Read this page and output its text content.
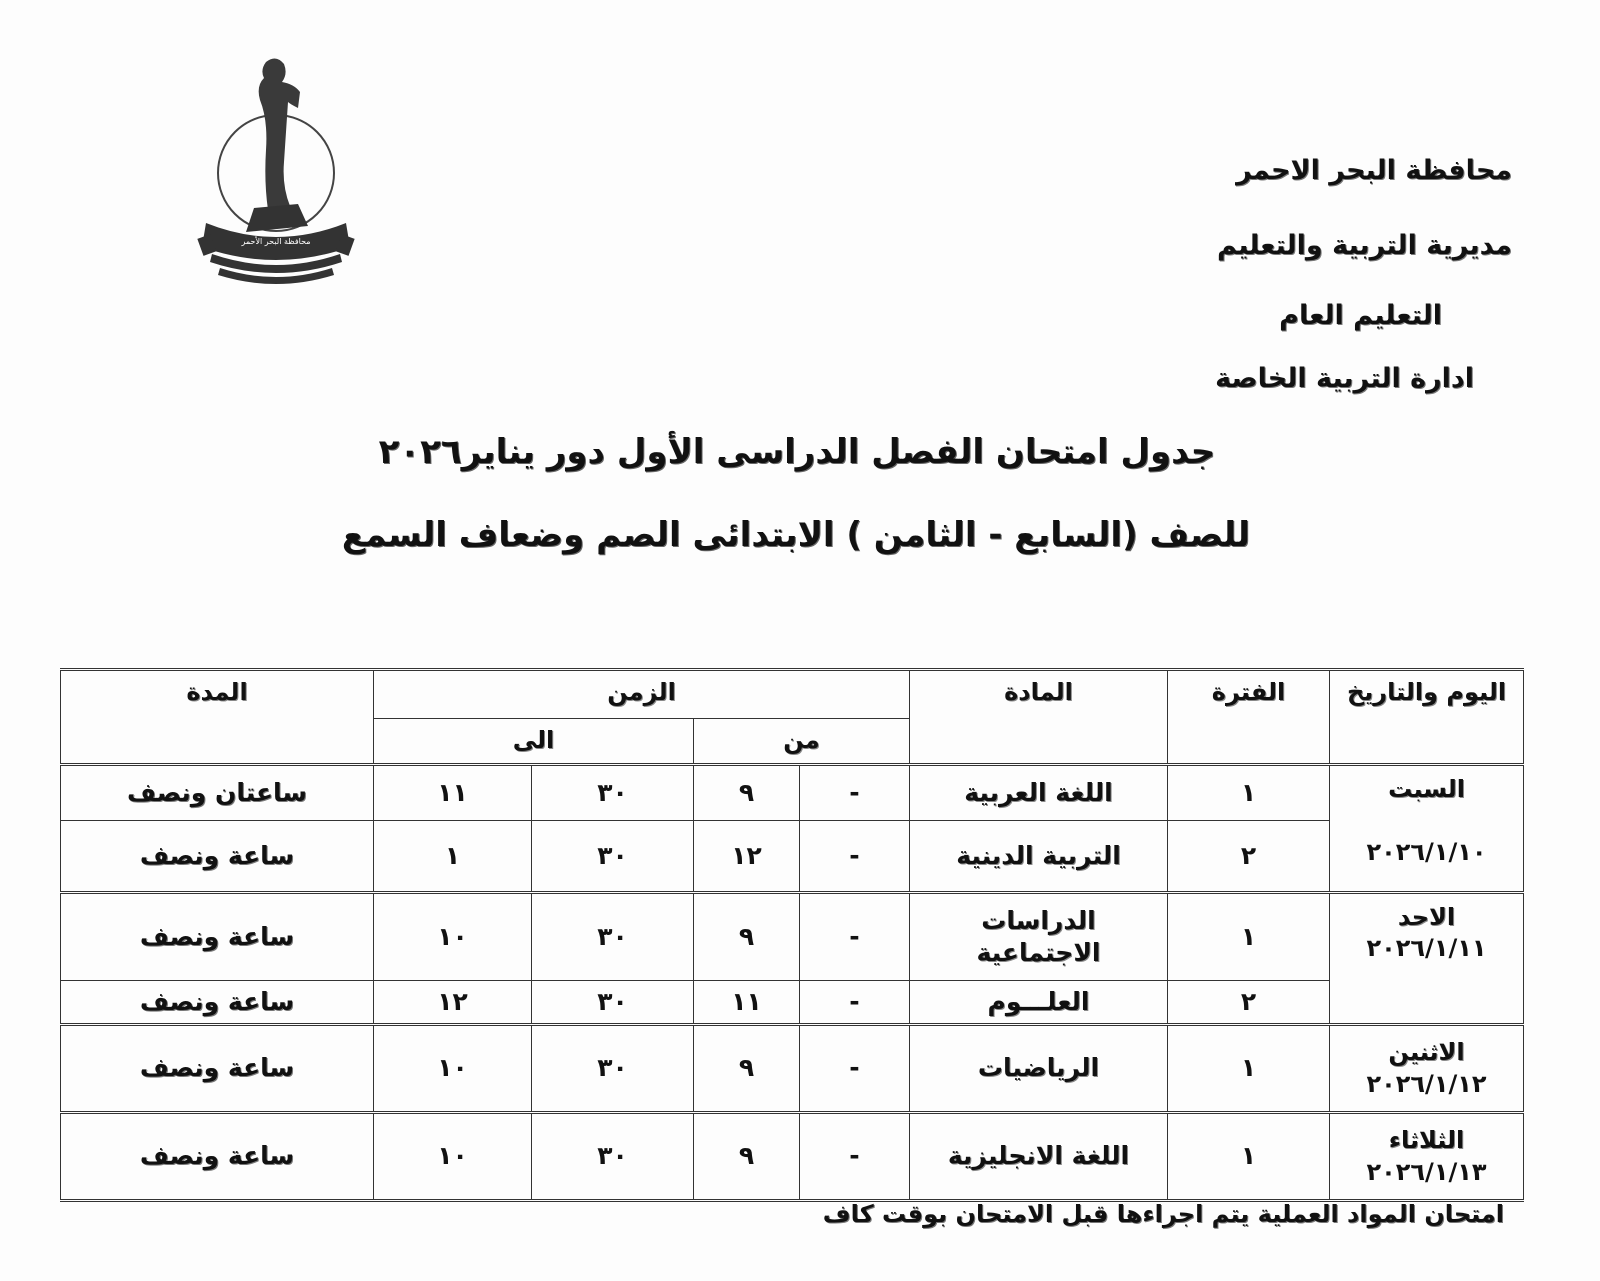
محافظة البحر الأحمر
محافظة البحر الاحمر
مديرية التربية والتعليم
التعليم العام
ادارة التربية الخاصة
جدول امتحان الفصل الدراسى الأول دور يناير٢٠٢٦
للصف (السابع - الثامن ) الابتدائى الصم وضعاف السمع
اليوم والتاريخ	الفترة	المادة	الزمن				المدة
			من		الى		

السبت
٢٠٢٦/١/١٠	١	اللغة العربية	-	٩	٣٠	١١	ساعتان ونصف
	٢	التربية الدينية	-	١٢	٣٠	١	ساعة ونصف

الاحد
٢٠٢٦/١/١١	١	الدراسات الاجتماعية	-	٩	٣٠	١٠	ساعة ونصف
	٢	العلـــوم	-	١١	٣٠	١٢	ساعة ونصف

الاثنين
٢٠٢٦/١/١٢	١	الرياضيات	-	٩	٣٠	١٠	ساعة ونصف

الثلاثاء
٢٠٢٦/١/١٣	١	اللغة الانجليزية	-	٩	٣٠	١٠	ساعة ونصف
امتحان المواد العملية يتم اجراءها قبل الامتحان بوقت كاف
